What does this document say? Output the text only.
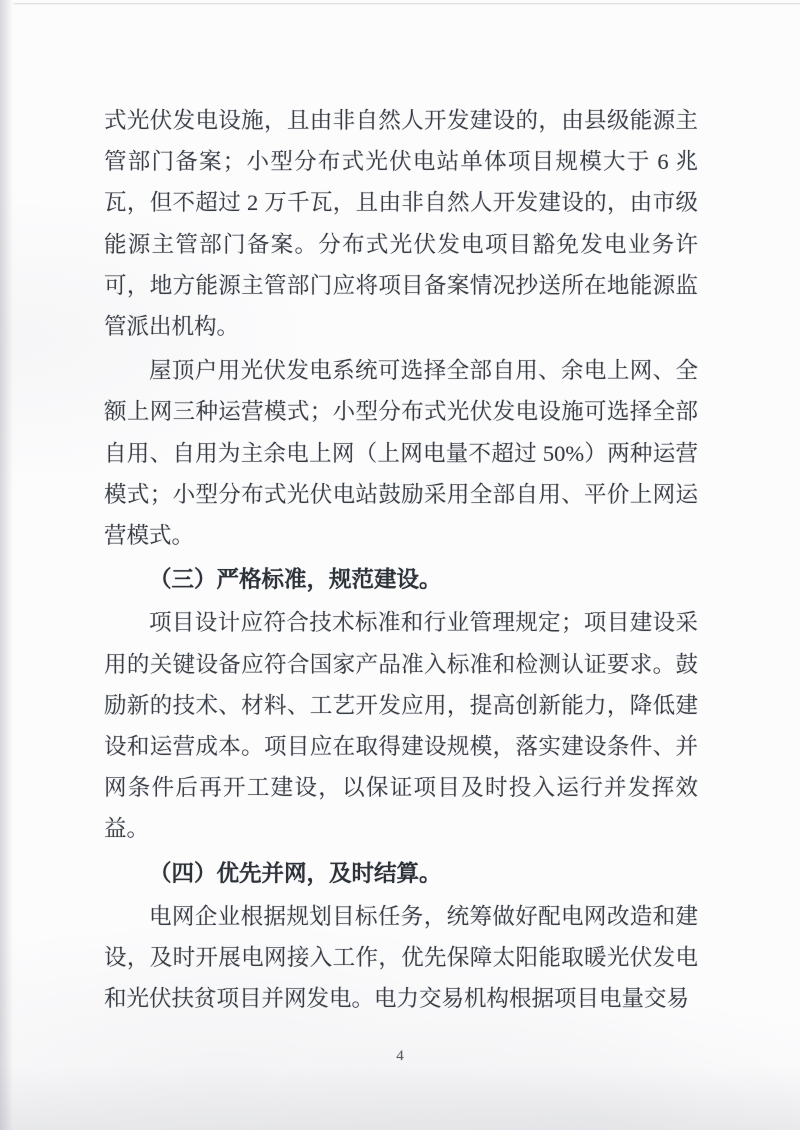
式光伏发电设施，且由非自然人开发建设的，由县级能源主管部门备案；小型分布式光伏电站单体项目规模大于 6 兆瓦，但不超过 2 万千瓦，且由非自然人开发建设的，由市级能源主管部门备案。分布式光伏发电项目豁免发电业务许可，地方能源主管部门应将项目备案情况抄送所在地能源监管派出机构。

屋顶户用光伏发电系统可选择全部自用、余电上网、全额上网三种运营模式；小型分布式光伏发电设施可选择全部自用、自用为主余电上网（上网电量不超过 50%）两种运营模式；小型分布式光伏电站鼓励采用全部自用、平价上网运营模式。

（三）严格标准，规范建设。

项目设计应符合技术标准和行业管理规定；项目建设采用的关键设备应符合国家产品准入标准和检测认证要求。鼓励新的技术、材料、工艺开发应用，提高创新能力，降低建设和运营成本。项目应在取得建设规模，落实建设条件、并网条件后再开工建设，以保证项目及时投入运行并发挥效益。

（四）优先并网，及时结算。

电网企业根据规划目标任务，统筹做好配电网改造和建设，及时开展电网接入工作，优先保障太阳能取暖光伏发电和光伏扶贫项目并网发电。电力交易机构根据项目电量交易

4
